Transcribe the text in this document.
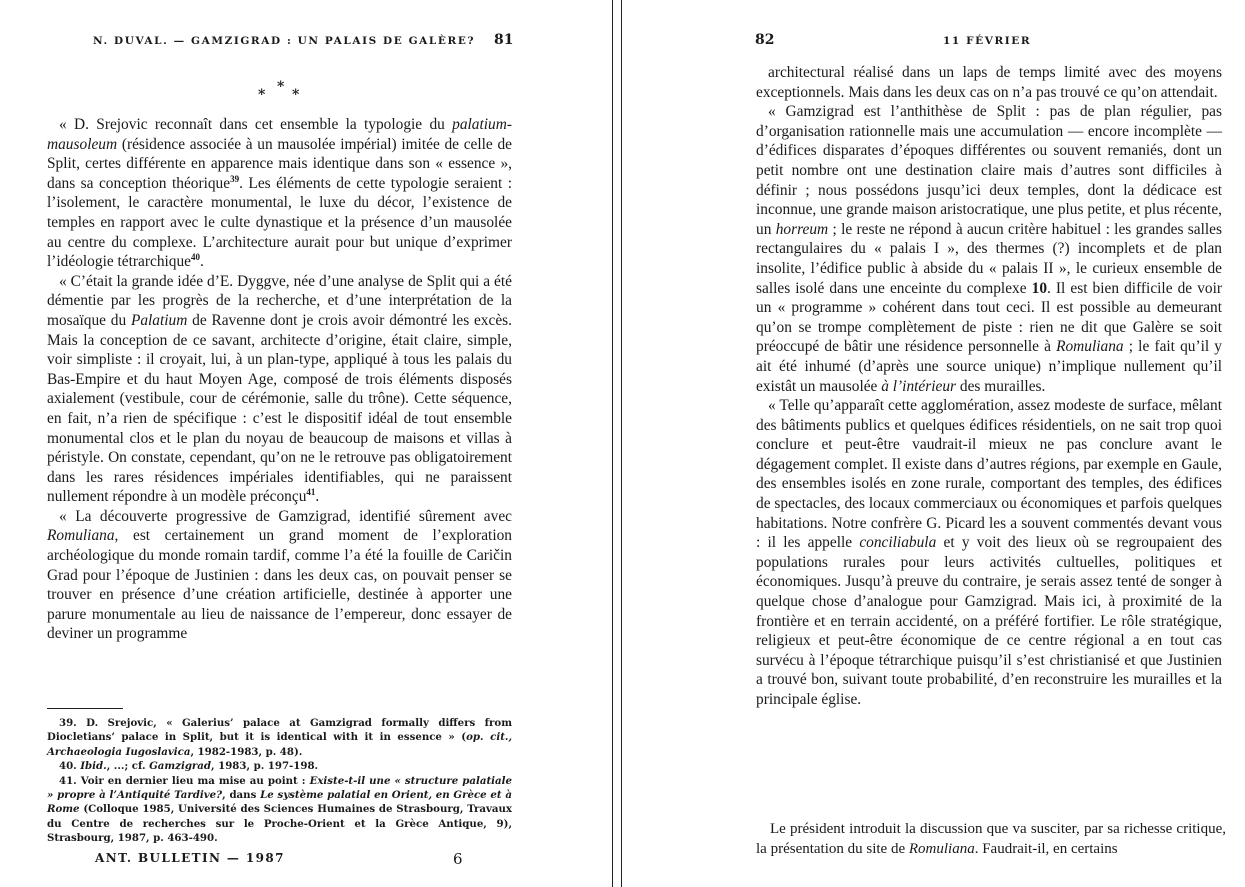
N. DUVAL. — GAMZIGRAD : UN PALAIS DE GALÈRE? 81
*
* *

« D. Srejovic reconnaît dans cet ensemble la typologie du palatium-mausoleum (résidence associée à un mausolée impérial) imitée de celle de Split, certes différente en apparence mais identique dans son « essence », dans sa conception théorique$^{39}$. Les éléments de cette typologie seraient : l’isolement, le caractère monumental, le luxe du décor, l’existence de temples en rapport avec le culte dynastique et la présence d’un mausolée au centre du complexe. L’architecture aurait pour but unique d’exprimer l’idéologie tétrarchique$^{40}$.

« C’était la grande idée d’E. Dyggve, née d’une analyse de Split qui a été démentie par les progrès de la recherche, et d’une interprétation de la mosaïque du Palatium de Ravenne dont je crois avoir démontré les excès. Mais la conception de ce savant, architecte d’origine, était claire, simple, voir simpliste : il croyait, lui, à un plan-type, appliqué à tous les palais du Bas-Empire et du haut Moyen Age, composé de trois éléments disposés axialement (vestibule, cour de cérémonie, salle du trône). Cette séquence, en fait, n’a rien de spécifique : c’est le dispositif idéal de tout ensemble monumental clos et le plan du noyau de beaucoup de maisons et villas à péristyle. On constate, cependant, qu’on ne le retrouve pas obligatoirement dans les rares résidences impériales identifiables, qui ne paraissent nullement répondre à un modèle préconçu$^{41}$.

« La découverte progressive de Gamzigrad, identifié sûrement avec Romuliana, est certainement un grand moment de l’exploration archéologique du monde romain tardif, comme l’a été la fouille de Caričin Grad pour l’époque de Justinien : dans les deux cas, on pouvait penser se trouver en présence d’une création artificielle, destinée à apporter une parure monumentale au lieu de naissance de l’empereur, donc essayer de deviner un programme

39. D. Srejovic, « Galerius’ palace at Gamzigrad formally differs from Diocletians’ palace in Split, but it is identical with it in essence » (op. cit., Archaeologia Iugoslavica, 1982-1983, p. 48).

40. Ibid., ...; cf. Gamzigrad, 1983, p. 197-198.

41. Voir en dernier lieu ma mise au point : Existe-t-il une « structure palatiale » propre à l’Antiquité Tardive?, dans Le système palatial en Orient, en Grèce et à Rome (Colloque 1985, Université des Sciences Humaines de Strasbourg, Travaux du Centre de recherches sur le Proche-Orient et la Grèce Antique, 9), Strasbourg, 1987, p. 463-490.

ANT. BULLETIN — 1987	6
82	11 FÉVRIER

architectural réalisé dans un laps de temps limité avec des moyens exceptionnels. Mais dans les deux cas on n’a pas trouvé ce qu’on attendait.

« Gamzigrad est l’anthithèse de Split : pas de plan régulier, pas d’organisation rationnelle mais une accumulation — encore incomplète — d’édifices disparates d’époques différentes ou souvent remaniés, dont un petit nombre ont une destination claire mais d’autres sont difficiles à définir ; nous possédons jusqu’ici deux temples, dont la dédicace est inconnue, une grande maison aristocratique, une plus petite, et plus récente, un horreum ; le reste ne répond à aucun critère habituel : les grandes salles rectangulaires du « palais I », des thermes (?) incomplets et de plan insolite, l’édifice public à abside du « palais II », le curieux ensemble de salles isolé dans une enceinte du complexe 10. Il est bien difficile de voir un « programme » cohérent dans tout ceci. Il est possible au demeurant qu’on se trompe complètement de piste : rien ne dit que Galère se soit préoccupé de bâtir une résidence personnelle à Romuliana ; le fait qu’il y ait été inhumé (d’après une source unique) n’implique nullement qu’il existât un mausolée à l’intérieur des murailles.

« Telle qu’apparaît cette agglomération, assez modeste de surface, mêlant des bâtiments publics et quelques édifices résidentiels, on ne sait trop quoi conclure et peut-être vaudrait-il mieux ne pas conclure avant le dégagement complet. Il existe dans d’autres régions, par exemple en Gaule, des ensembles isolés en zone rurale, comportant des temples, des édifices de spectacles, des locaux commerciaux ou économiques et parfois quelques habitations. Notre confrère G. Picard les a souvent commentés devant vous : il les appelle conciliabula et y voit des lieux où se regroupaient des populations rurales pour leurs activités cultuelles, politiques et économiques. Jusqu’à preuve du contraire, je serais assez tenté de songer à quelque chose d’analogue pour Gamzigrad. Mais ici, à proximité de la frontière et en terrain accidenté, on a préféré fortifier. Le rôle stratégique, religieux et peut-être économique de ce centre régional a en tout cas survécu à l’époque tétrarchique puisqu’il s’est christianisé et que Justinien a trouvé bon, suivant toute probabilité, d’en reconstruire les murailles et la principale église.

Le président introduit la discussion que va susciter, par sa richesse critique, la présentation du site de Romuliana. Faudrait-il, en certains
